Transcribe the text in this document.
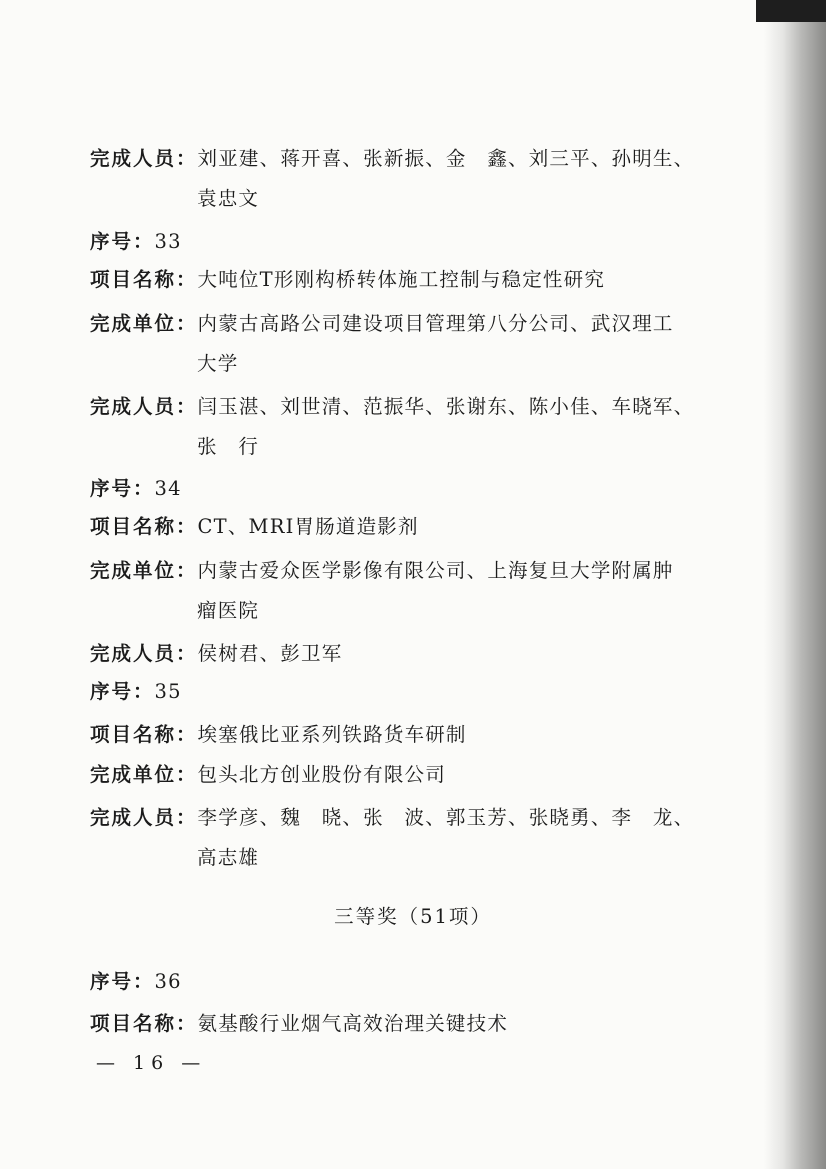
完成人员：刘亚建、蒋开喜、张新振、金　鑫、刘三平、孙明生、
袁忠文
序号：33
项目名称：大吨位T形刚构桥转体施工控制与稳定性研究
完成单位：内蒙古高路公司建设项目管理第八分公司、武汉理工
大学
完成人员：闫玉湛、刘世清、范振华、张谢东、陈小佳、车晓军、
张　行
序号：34
项目名称：CT、MRI胃肠道造影剂
完成单位：内蒙古爱众医学影像有限公司、上海复旦大学附属肿
瘤医院
完成人员：侯树君、彭卫军
序号：35
项目名称：埃塞俄比亚系列铁路货车研制
完成单位：包头北方创业股份有限公司
完成人员：李学彦、魏　晓、张　波、郭玉芳、张晓勇、李　龙、
高志雄
三等奖（51项）
序号：36
项目名称：氨基酸行业烟气高效治理关键技术
— 16 —
